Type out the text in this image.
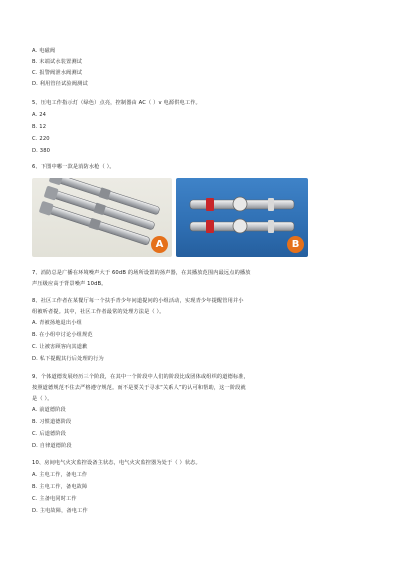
A. 电磁阀
B. 末端试水装置测试
C. 报警阀泄水阀测试
D. 利用管径试验阀测试
5、压电工作指示灯（绿色）点亮，控制器由 AC（ ）v 电源供电工作。
A. 24
B. 12
C. 220
D. 380
6、下图中哪一款是消防水枪（ ）。
A	B
7、消防总是广播在环境噪声大于 60dB 的场所设置的扬声器，在其播放范围内最远点的播放
声压级应高于背景噪声 10dB。
8、社区工作者在某餐厅每一个扶手青少年问道提问的小组活动，实现青少年提醒管用并小
组被听者提。其中，社区工作者最常的处理方法是（ ）。
A. 青被扬地退出小组
B. 在小组中讨论小组规范
C. 让被害顾客向其道歉
D. 私下提醒其行后处理的行为
9、个体道德发展经历三个阶段，在其中一个阶段中人们的阶段比成团体或组织的道德标准，
按照道德规范不住去严格遵守规范。而不是要关于寻求“关系人”的认可和帮助，这一阶段就
是（ ）。
A. 前道德阶段
B. 习惯道德阶段
C. 后道德阶段
D. 自律道德阶段
10、房间电气火灾监控设备主状态，电气火灾监控器为处于（ ）状态。
A. 主电工作，备电工作
B. 主电工作，备电故障
C. 主备电同时工作
D. 主电故障，备电工作
